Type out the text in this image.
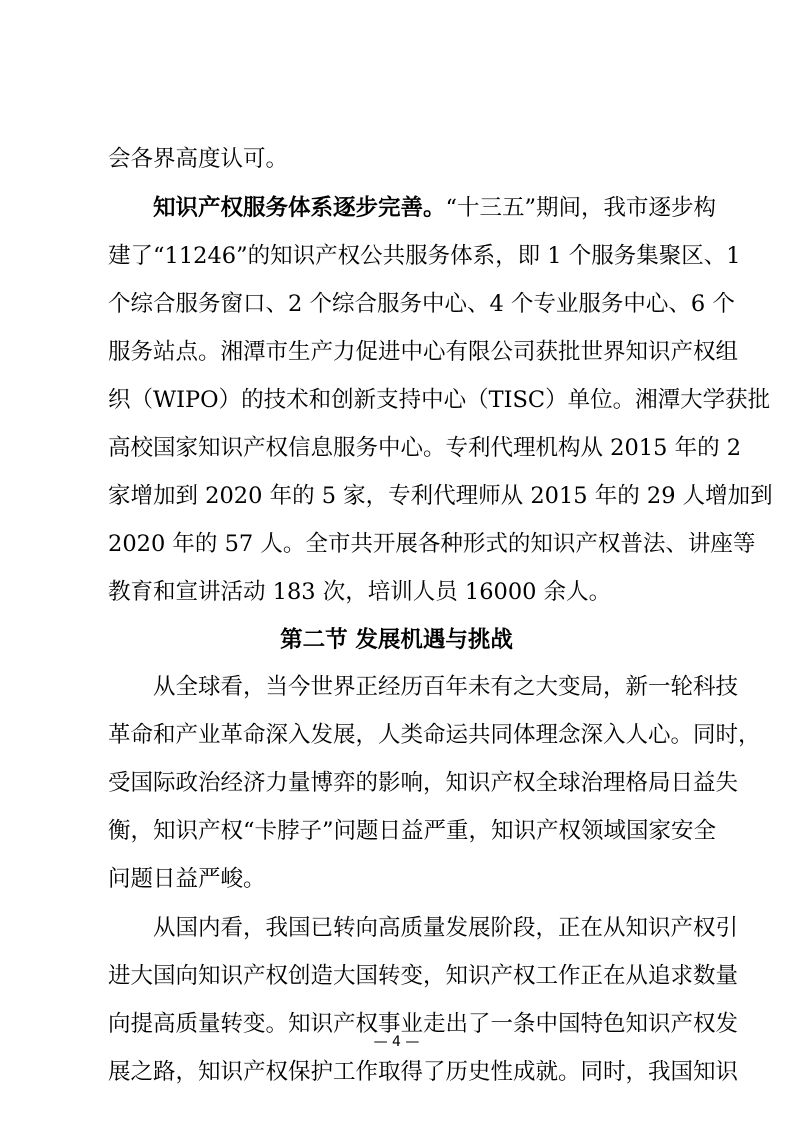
会各界高度认可。
知识产权服务体系逐步完善。“十三五”期间，我市逐步构
建了“11246”的知识产权公共服务体系，即 1 个服务集聚区、1
个综合服务窗口、2 个综合服务中心、4 个专业服务中心、6 个
服务站点。湘潭市生产力促进中心有限公司获批世界知识产权组
织（WIPO）的技术和创新支持中心（TISC）单位。湘潭大学获批
高校国家知识产权信息服务中心。专利代理机构从 2015 年的 2
家增加到 2020 年的 5 家，专利代理师从 2015 年的 29 人增加到
2020 年的 57 人。全市共开展各种形式的知识产权普法、讲座等
教育和宣讲活动 183 次，培训人员 16000 余人。
第二节 发展机遇与挑战
从全球看，当今世界正经历百年未有之大变局，新一轮科技
革命和产业革命深入发展，人类命运共同体理念深入人心。同时，
受国际政治经济力量博弈的影响，知识产权全球治理格局日益失
衡，知识产权“卡脖子”问题日益严重，知识产权领域国家安全
问题日益严峻。
从国内看，我国已转向高质量发展阶段，正在从知识产权引
进大国向知识产权创造大国转变，知识产权工作正在从追求数量
向提高质量转变。知识产权事业走出了一条中国特色知识产权发
展之路，知识产权保护工作取得了历史性成就。同时，我国知识
— 4 —
